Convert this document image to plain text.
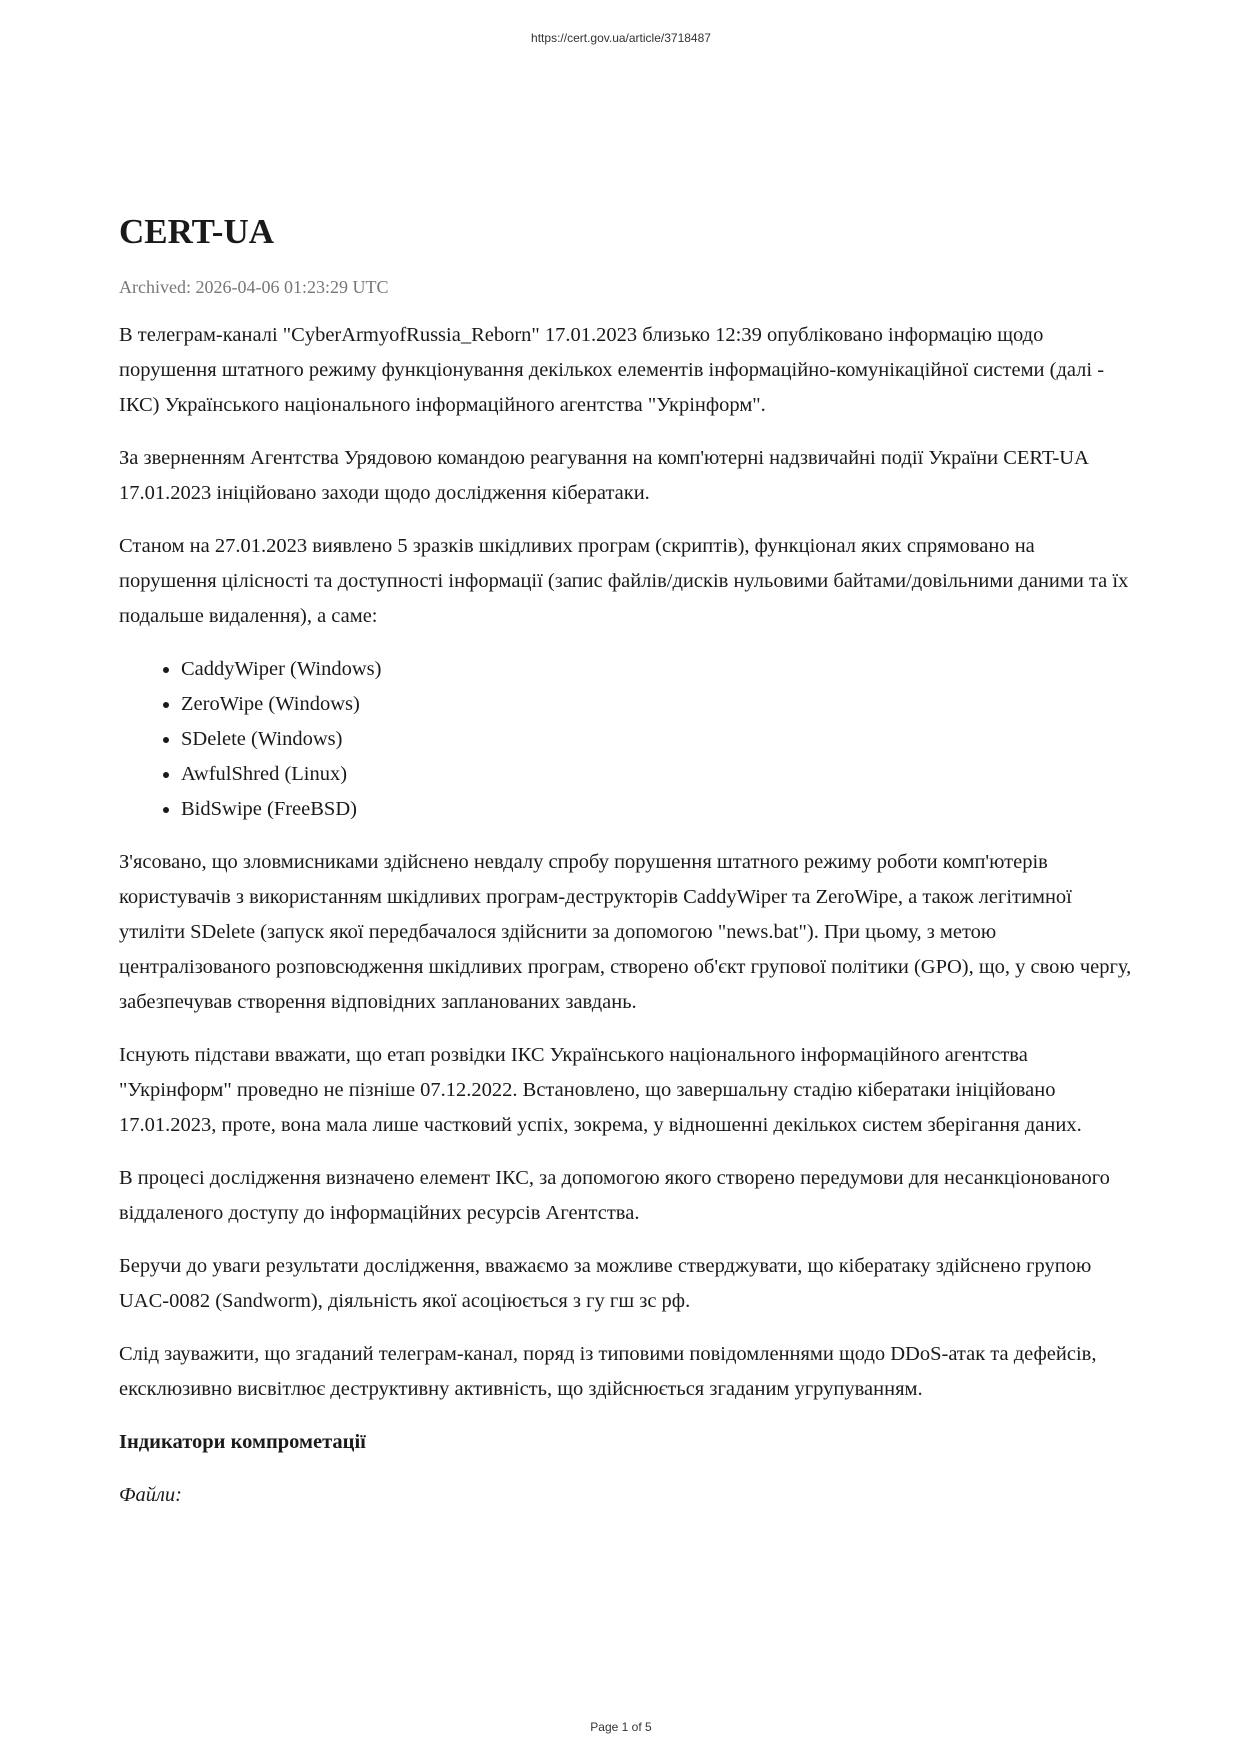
https://cert.gov.ua/article/3718487
CERT-UA

Archived: 2026-04-06 01:23:29 UTC

В телеграм-каналі "CyberArmyofRussia_Reborn" 17.01.2023 близько 12:39 опубліковано інформацію щодо порушення штатного режиму функціонування декількох елементів інформаційно-комунікаційної системи (далі - ІКС) Українського національного інформаційного агентства "Укрінформ".

За зверненням Агентства Урядовою командою реагування на комп'ютерні надзвичайні події України CERT-UA 17.01.2023 ініційовано заходи щодо дослідження кібератаки.

Станом на 27.01.2023 виявлено 5 зразків шкідливих програм (скриптів), функціонал яких спрямовано на порушення цілісності та доступності інформації (запис файлів/дисків нульовими байтами/довільними даними та їх подальше видалення), а саме:

• CaddyWiper (Windows)
• ZeroWipe (Windows)
• SDelete (Windows)
• AwfulShred (Linux)
• BidSwipe (FreeBSD)

З'ясовано, що зловмисниками здійснено невдалу спробу порушення штатного режиму роботи комп'ютерів користувачів з використанням шкідливих програм-деструкторів CaddyWiper та ZeroWipe, а також легітимної утиліти SDelete (запуск якої передбачалося здійснити за допомогою "news.bat"). При цьому, з метою централізованого розповсюдження шкідливих програм, створено об'єкт групової політики (GPO), що, у свою чергу, забезпечував створення відповідних запланованих завдань.

Існують підстави вважати, що етап розвідки ІКС Українського національного інформаційного агентства "Укрінформ" проведно не пізніше 07.12.2022. Встановлено, що завершальну стадію кібератаки ініційовано 17.01.2023, проте, вона мала лише частковий успіх, зокрема, у відношенні декількох систем зберігання даних.

В процесі дослідження визначено елемент ІКС, за допомогою якого створено передумови для несанкціонованого віддаленого доступу до інформаційних ресурсів Агентства.

Беручи до уваги результати дослідження, вважаємо за можливе стверджувати, що кібератаку здійснено групою UAC-0082 (Sandworm), діяльність якої асоціюється з гу гш зс рф.

Слід зауважити, що згаданий телеграм-канал, поряд із типовими повідомленнями щодо DDoS-атак та дефейсів, ексклюзивно висвітлює деструктивну активність, що здійснюється згаданим угрупуванням.

Індикатори компрометації

Файли:

Page 1 of 5
